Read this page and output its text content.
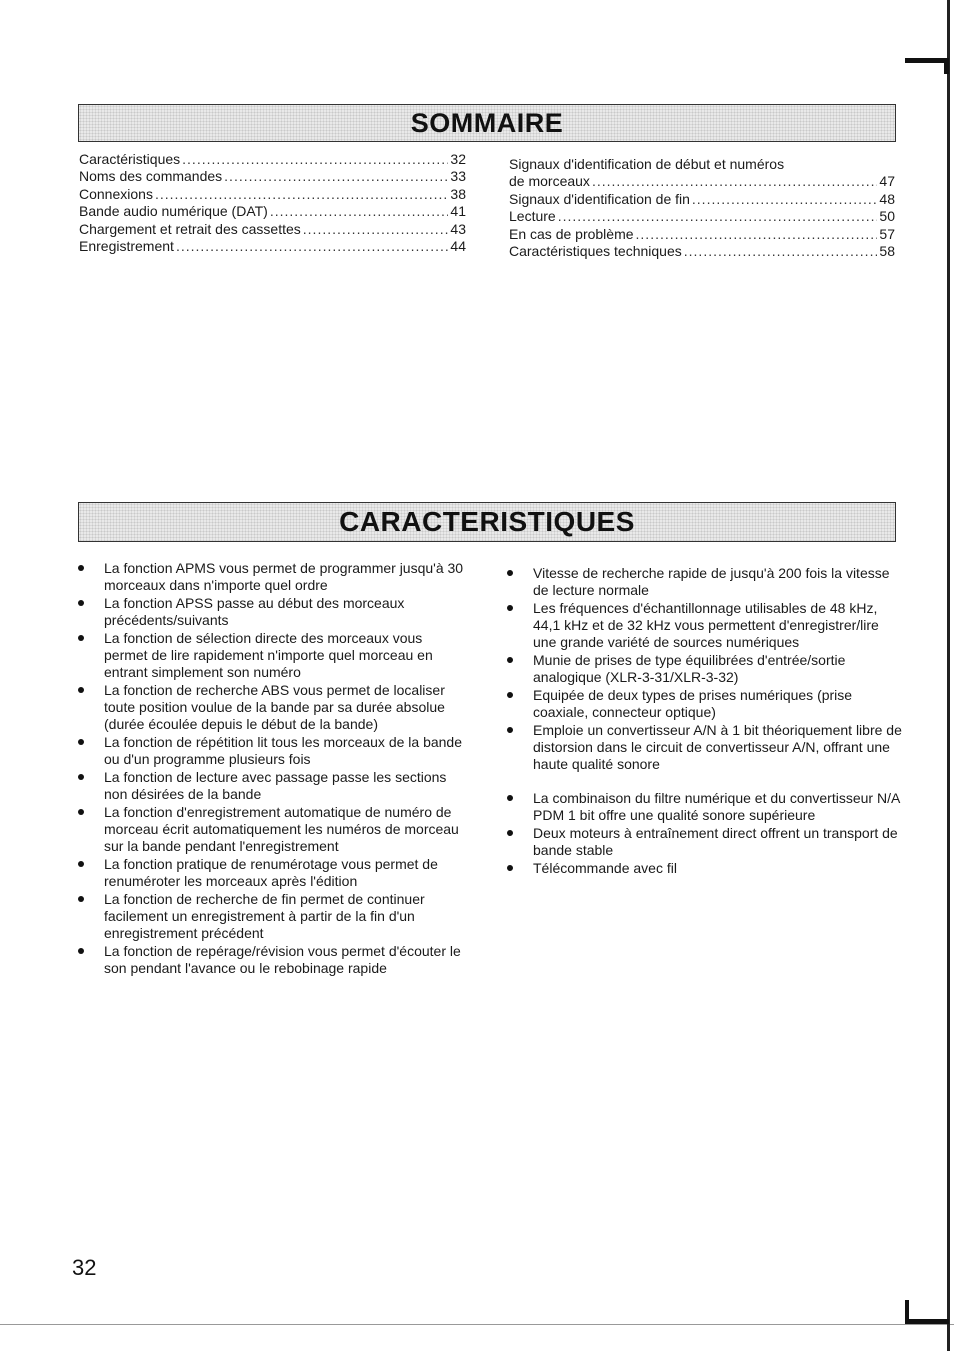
SOMMAIRE
Caractéristiques .....	32
Noms des commandes .....	33
Connexions .....	38
Bande audio numérique (DAT) .....	41
Chargement et retrait des cassettes .....	43
Enregistrement .....	44
Signaux d'identification de début et numéros
de morceaux .....	47
Signaux d'identification de fin .....	48
Lecture .....	50
En cas de problème .....	57
Caractéristiques techniques .....	58
CARACTERISTIQUES
La fonction APMS vous permet de programmer jusqu'à 30 morceaux dans n'importe quel ordre
La fonction APSS passe au début des morceaux précédents/suivants
La fonction de sélection directe des morceaux vous permet de lire rapidement n'importe quel morceau en entrant simplement son numéro
La fonction de recherche ABS vous permet de localiser toute position voulue de la bande par sa durée absolue (durée écoulée depuis le début de la bande)
La fonction de répétition lit tous les morceaux de la bande ou d'un programme plusieurs fois
La fonction de lecture avec passage passe les sections non désirées de la bande
La fonction d'enregistrement automatique de numéro de morceau écrit automatiquement les numéros de morceau sur la bande pendant l'enregistrement
La fonction pratique de renumérotage vous permet de renuméroter les morceaux après l'édition
La fonction de recherche de fin permet de continuer facilement un enregistrement à partir de la fin d'un enregistrement précédent
La fonction de repérage/révision vous permet d'écouter le son pendant l'avance ou le rebobinage rapide
Vitesse de recherche rapide de jusqu'à 200 fois la vitesse de lecture normale
Les fréquences d'échantillonnage utilisables de 48 kHz, 44,1 kHz et de 32 kHz vous permettent d'enregistrer/lire une grande variété de sources numériques
Munie de prises de type équilibrées d'entrée/sortie analogique (XLR-3-31/XLR-3-32)
Equipée de deux types de prises numériques (prise coaxiale, connecteur optique)
Emploie un convertisseur A/N à 1 bit théoriquement libre de distorsion dans le circuit de convertisseur A/N, offrant une haute qualité sonore
La combinaison du filtre numérique et du convertisseur N/A PDM 1 bit offre une qualité sonore supérieure
Deux moteurs à entraînement direct offrent un transport de bande stable
Télécommande avec fil
32
